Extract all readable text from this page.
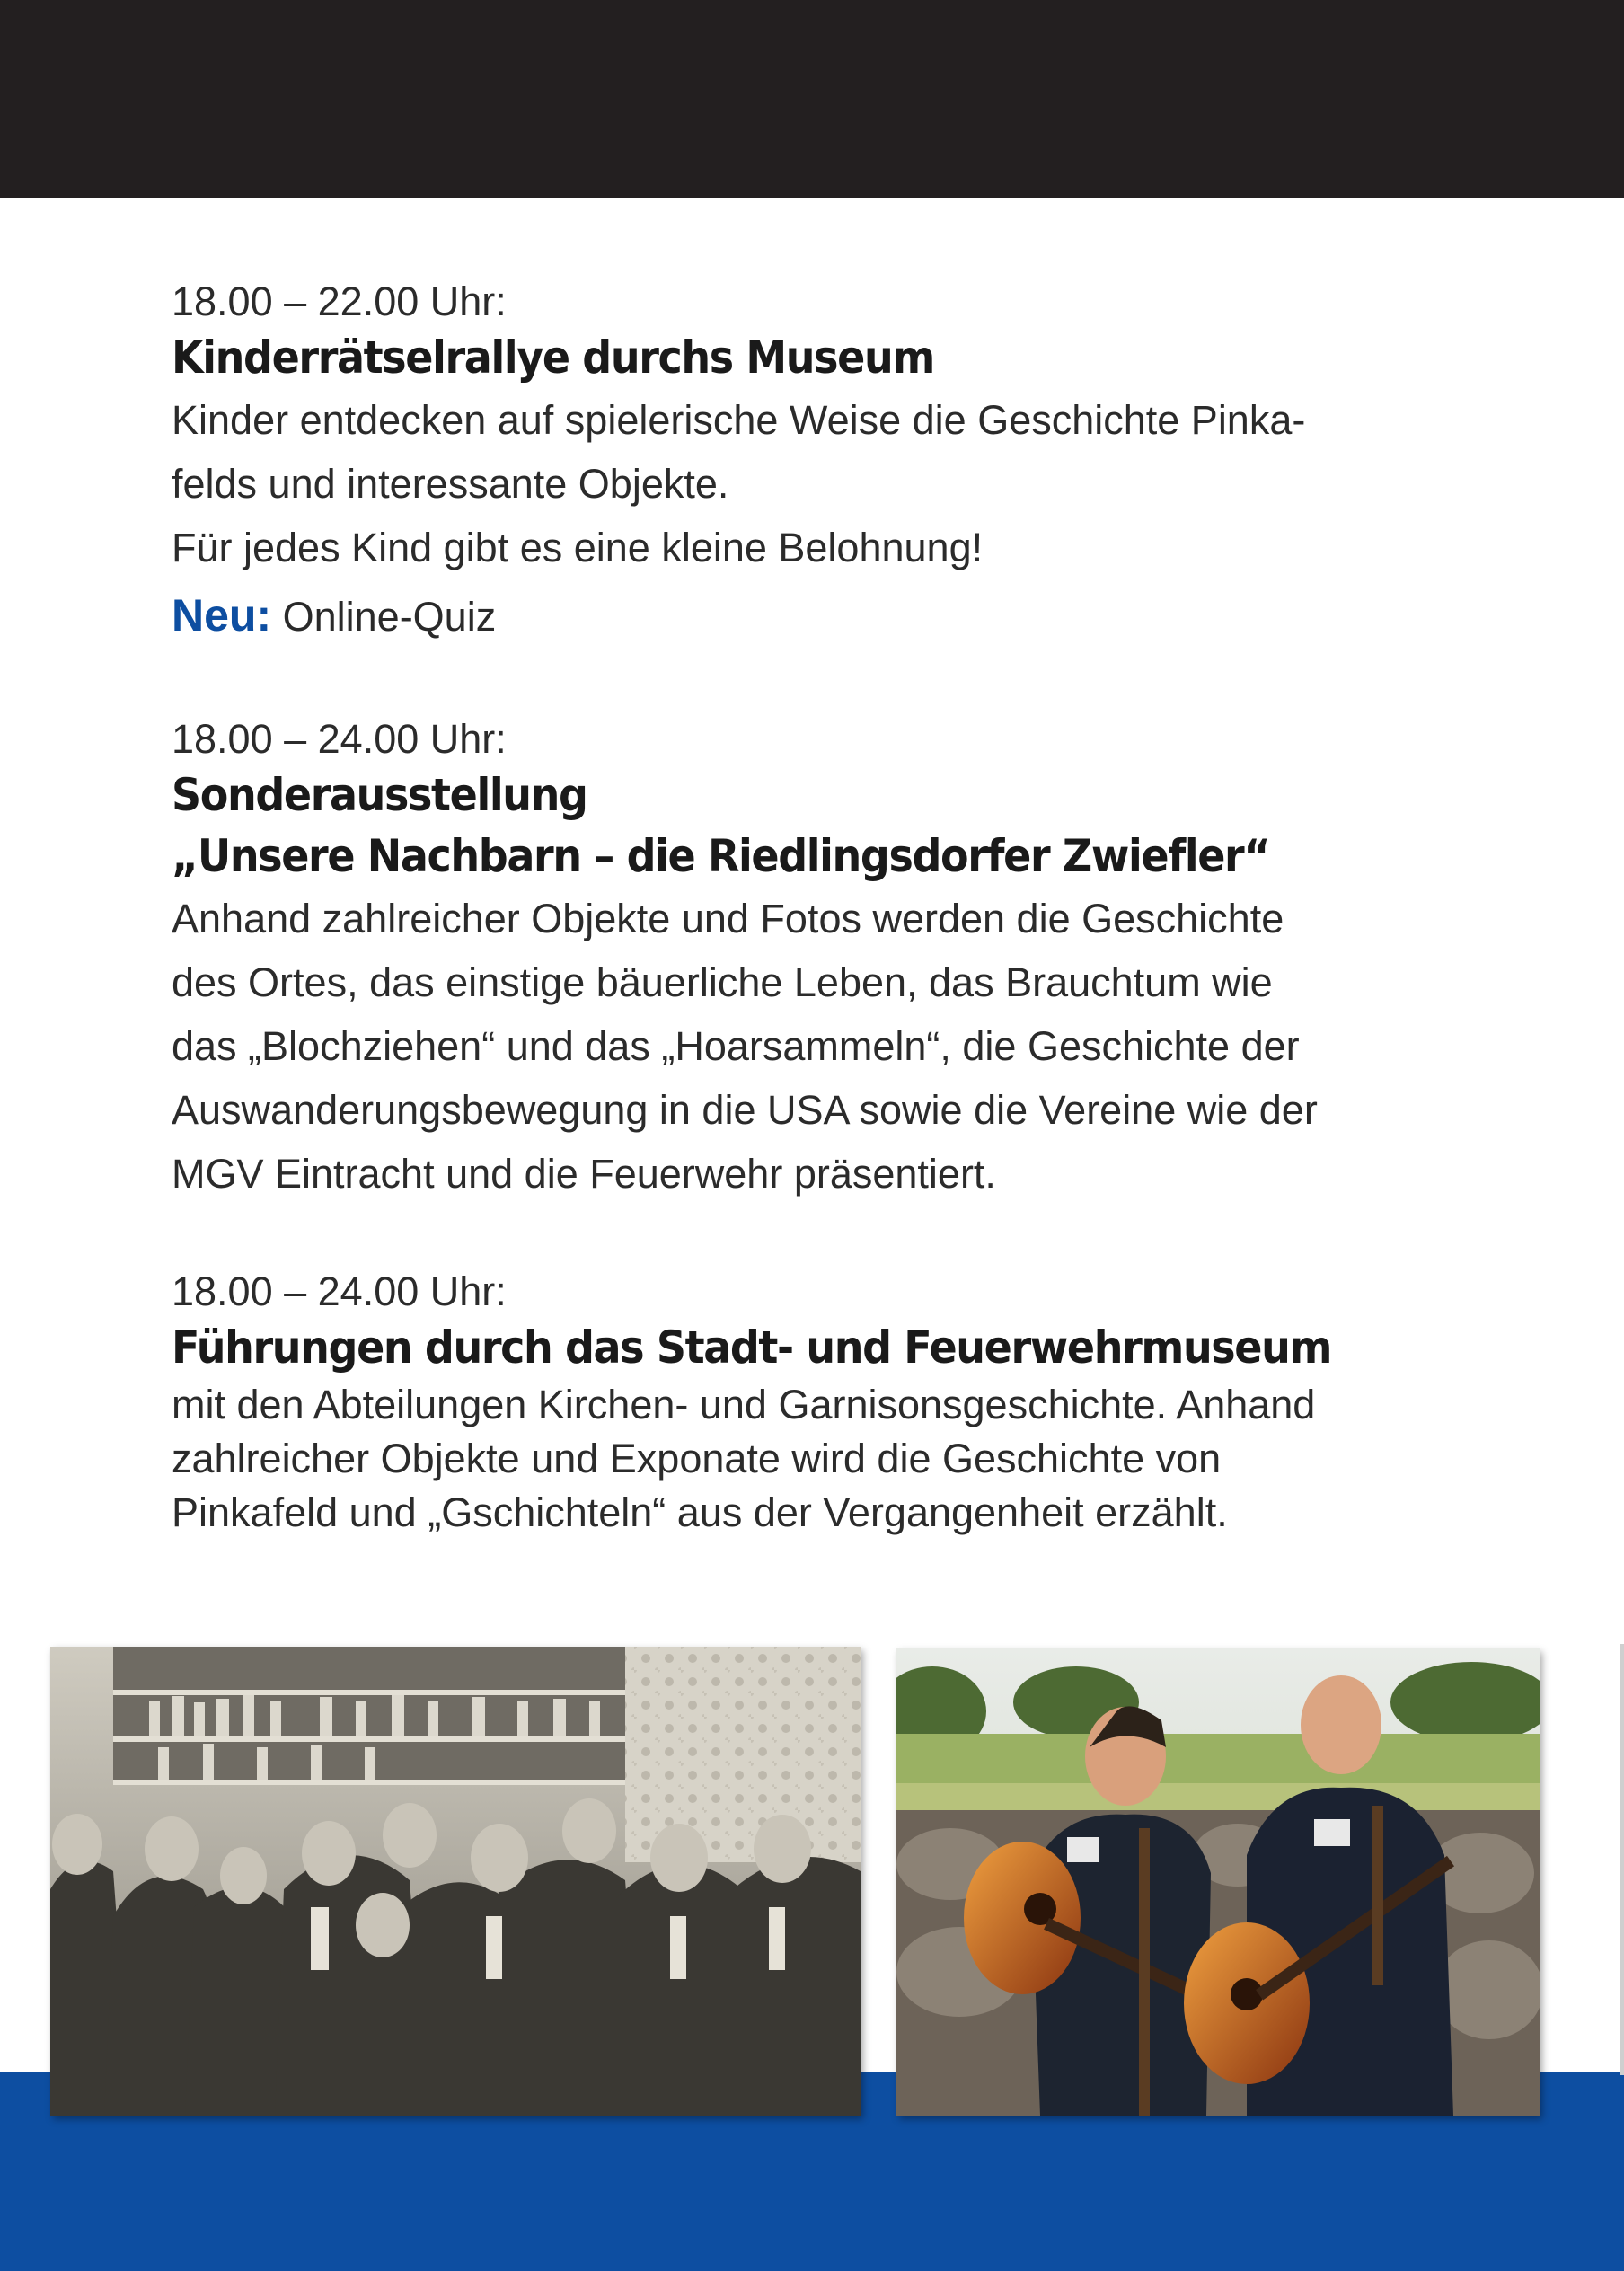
18.00 – 22.00 Uhr:

Kinderrätselrallye durchs Museum

Kinder entdecken auf spielerische Weise die Geschichte Pinka-

felds und interessante Objekte.

Für jedes Kind gibt es eine kleine Belohnung!

Neu: Online-Quiz

18.00 – 24.00 Uhr:

Sonderausstellung

„Unsere Nachbarn – die Riedlingsdorfer Zwiefler“

Anhand zahlreicher Objekte und Fotos werden die Geschichte

des Ortes, das einstige bäuerliche Leben, das Brauchtum wie

das „Blochziehen“ und das „Hoarsammeln“, die Geschichte der

Auswanderungsbewegung in die USA sowie die Vereine wie der

MGV Eintracht und die Feuerwehr präsentiert.

18.00 – 24.00 Uhr:

Führungen durch das Stadt- und Feuerwehrmuseum

mit den Abteilungen Kirchen- und Garnisonsgeschichte. Anhand

zahlreicher Objekte und Exponate wird die Geschichte von

Pinkafeld und „Gschichteln“ aus der Vergangenheit erzählt.
